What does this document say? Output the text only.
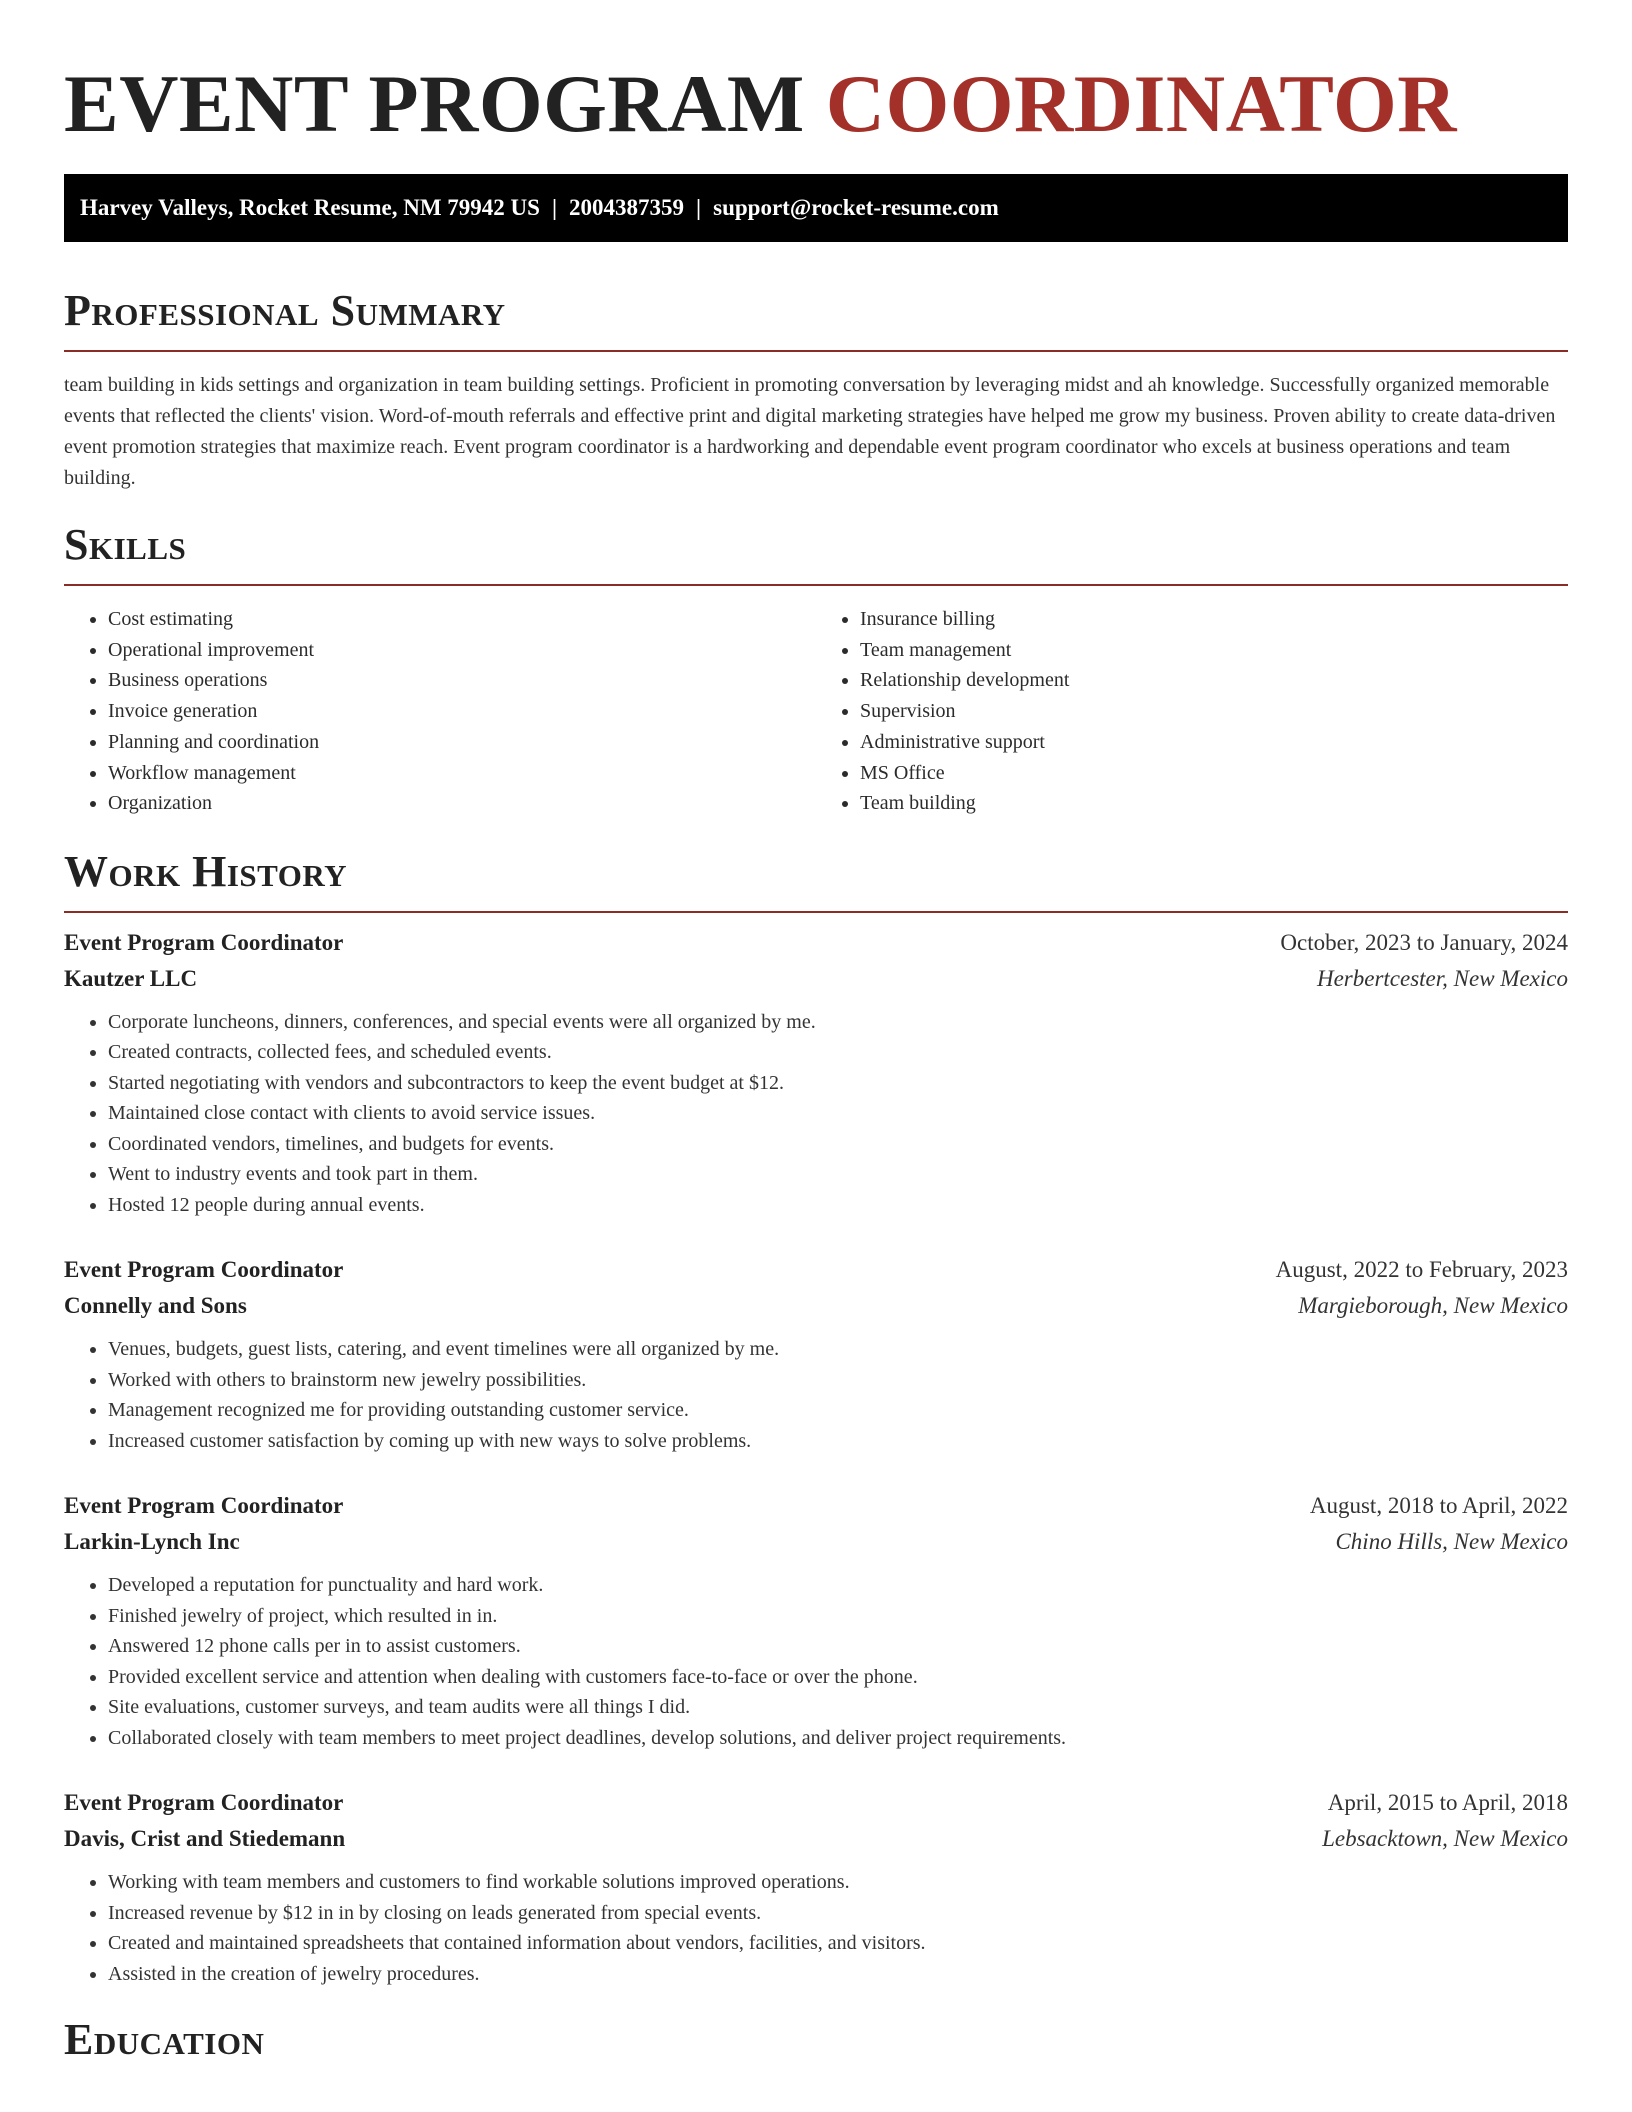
EVENT PROGRAM COORDINATOR
Harvey Valleys, Rocket Resume, NM 79942 US | 2004387359 | support@rocket-resume.com
Professional Summary

team building in kids settings and organization in team building settings. Proficient in promoting conversation by leveraging midst and ah knowledge. Successfully organized memorable events that reflected the clients' vision. Word-of-mouth referrals and effective print and digital marketing strategies have helped me grow my business. Proven ability to create data-driven event promotion strategies that maximize reach. Event program coordinator is a hardworking and dependable event program coordinator who excels at business operations and team building.

Skills
• Cost estimating
• Operational improvement
• Business operations
• Invoice generation
• Planning and coordination
• Workflow management
• Organization
• Insurance billing
• Team management
• Relationship development
• Supervision
• Administrative support
• MS Office
• Team building
Work History
Event Program Coordinator	October, 2023 to January, 2024
Kautzer LLC	Herbertcester, New Mexico
• Corporate luncheons, dinners, conferences, and special events were all organized by me.
• Created contracts, collected fees, and scheduled events.
• Started negotiating with vendors and subcontractors to keep the event budget at $12.
• Maintained close contact with clients to avoid service issues.
• Coordinated vendors, timelines, and budgets for events.
• Went to industry events and took part in them.
• Hosted 12 people during annual events.
Event Program Coordinator	August, 2022 to February, 2023
Connelly and Sons	Margieborough, New Mexico
• Venues, budgets, guest lists, catering, and event timelines were all organized by me.
• Worked with others to brainstorm new jewelry possibilities.
• Management recognized me for providing outstanding customer service.
• Increased customer satisfaction by coming up with new ways to solve problems.
Event Program Coordinator	August, 2018 to April, 2022
Larkin-Lynch Inc	Chino Hills, New Mexico
• Developed a reputation for punctuality and hard work.
• Finished jewelry of project, which resulted in in.
• Answered 12 phone calls per in to assist customers.
• Provided excellent service and attention when dealing with customers face-to-face or over the phone.
• Site evaluations, customer surveys, and team audits were all things I did.
• Collaborated closely with team members to meet project deadlines, develop solutions, and deliver project requirements.
Event Program Coordinator	April, 2015 to April, 2018
Davis, Crist and Stiedemann	Lebsacktown, New Mexico
• Working with team members and customers to find workable solutions improved operations.
• Increased revenue by $12 in in by closing on leads generated from special events.
• Created and maintained spreadsheets that contained information about vendors, facilities, and visitors.
• Assisted in the creation of jewelry procedures.
Education
